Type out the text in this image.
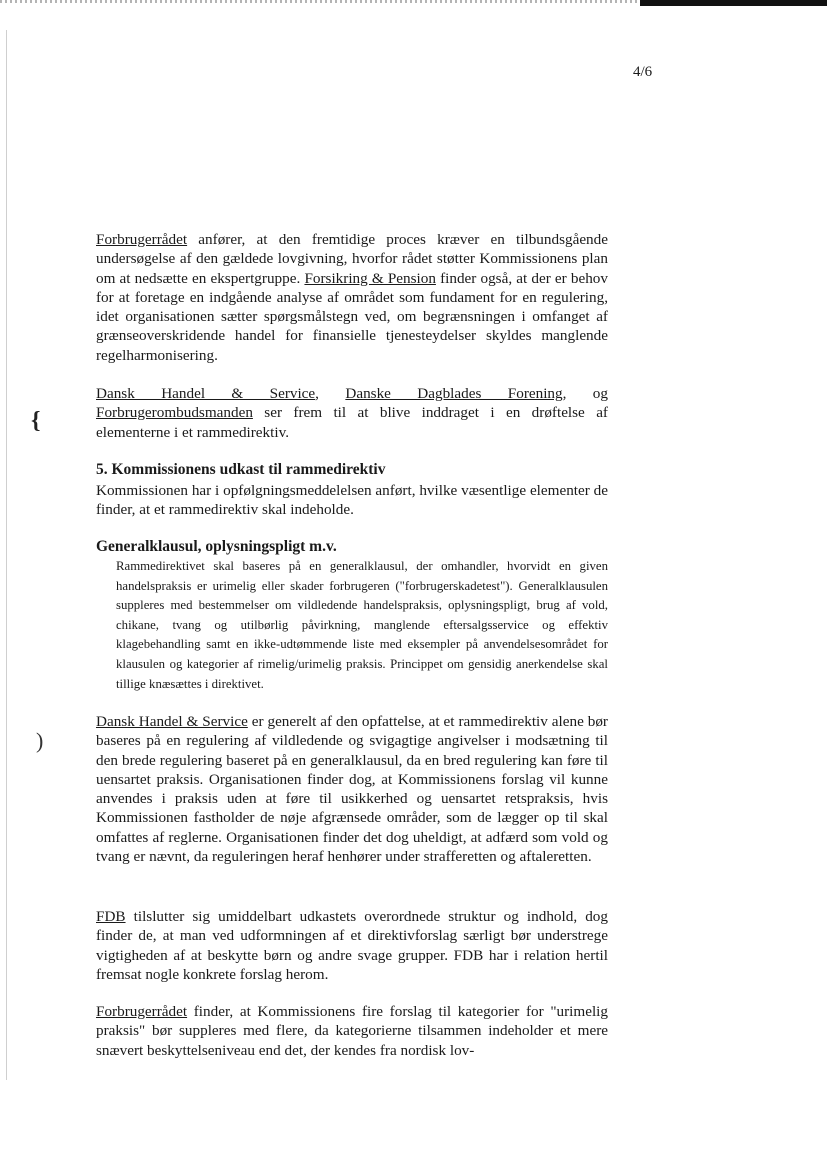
{
)
4/6

Forbrugerrådet anfører, at den fremtidige proces kræver en tilbundsgående undersøgelse af den gældede lovgivning, hvorfor rådet støtter Kommissionens plan om at nedsætte en ekspertgruppe. Forsikring & Pension finder også, at der er behov for at foretage en indgående analyse af området som fundament for en regulering, idet organisationen sætter spørgsmålstegn ved, om begrænsningen i omfanget af grænseoverskridende handel for finansielle tjenesteydelser skyldes manglende regelharmonisering.

Dansk Handel & Service, Danske Dagblades Forening, og Forbrugerombudsmanden ser frem til at blive inddraget i en drøftelse af elementerne i et rammedirektiv.

5. Kommissionens udkast til rammedirektiv

Kommissionen har i opfølgningsmeddelelsen anført, hvilke væsentlige elementer de finder, at et rammedirektiv skal indeholde.

Generalklausul, oplysningspligt m.v.

Rammedirektivet skal baseres på en generalklausul, der omhandler, hvorvidt en given handelspraksis er urimelig eller skader forbrugeren ("forbrugerskadetest"). Generalklausulen suppleres med bestemmelser om vildledende handelspraksis, oplysningspligt, brug af vold, chikane, tvang og utilbørlig påvirkning, manglende eftersalgsservice og effektiv klagebehandling samt en ikke-udtømmende liste med eksempler på anvendelsesområdet for klausulen og kategorier af rimelig/urimelig praksis. Princippet om gensidig anerkendelse skal tillige knæsættes i direktivet.

Dansk Handel & Service er generelt af den opfattelse, at et rammedirektiv alene bør baseres på en regulering af vildledende og svigagtige angivelser i modsætning til den brede regulering baseret på en generalklausul, da en bred regulering kan føre til uensartet praksis. Organisationen finder dog, at Kommissionens forslag vil kunne anvendes i praksis uden at føre til usikkerhed og uensartet retspraksis, hvis Kommissionen fastholder de nøje afgrænsede områder, som de lægger op til skal omfattes af reglerne. Organisationen finder det dog uheldigt, at adfærd som vold og tvang er nævnt, da reguleringen heraf henhører under strafferetten og aftaleretten.

FDB tilslutter sig umiddelbart udkastets overordnede struktur og indhold, dog finder de, at man ved udformningen af et direktivforslag særligt bør understrege vigtigheden af at beskytte børn og andre svage grupper. FDB har i relation hertil fremsat nogle konkrete forslag herom.

Forbrugerrådet finder, at Kommissionens fire forslag til kategorier for "urimelig praksis" bør suppleres med flere, da kategorierne tilsammen indeholder et mere snævert beskyttelseniveau end det, der kendes fra nordisk lov-
